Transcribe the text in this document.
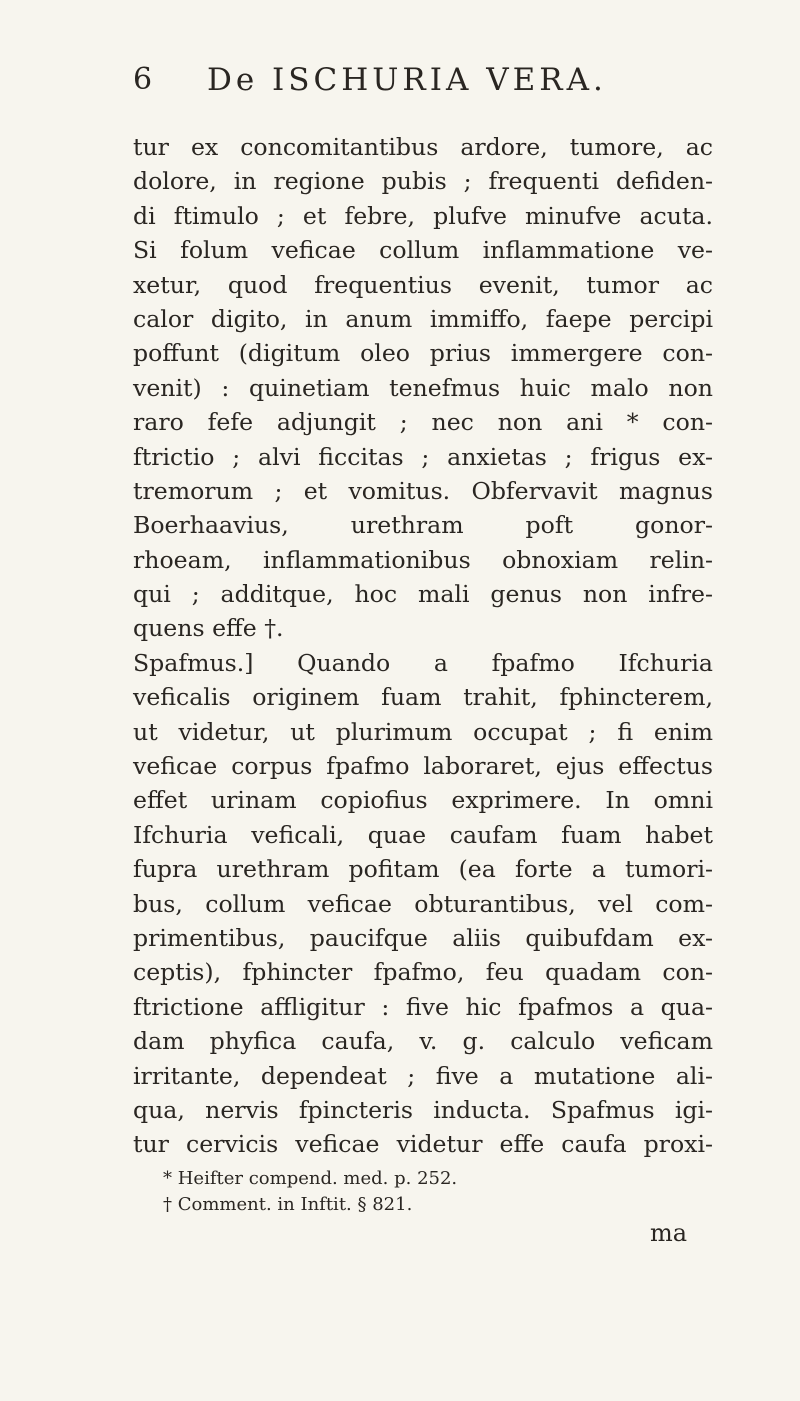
6 De ISCHURIA VERA.
tur ex concomitantibus ardore, tumore, ac
dolore, in regione pubis ; frequenti defiden-
di ftimulo ; et febre, plufve minufve acuta.
Si folum veficae collum inflammatione ve-
xetur, quod frequentius evenit, tumor ac
calor digito, in anum immiffo, faepe percipi
poffunt (digitum oleo prius immergere con-
venit) : quinetiam tenefmus huic malo non
raro fefe adjungit ; nec non ani * con-
ftrictio ; alvi ficcitas ; anxietas ; frigus ex-
tremorum ; et vomitus. Obfervavit magnus
Boerhaavius, urethram poft gonor-
rhoeam, inflammationibus obnoxiam relin-
qui ; additque, hoc mali genus non infre-
quens effe †.
Spafmus.] Quando a fpafmo Ifchuria
veficalis originem fuam trahit, fphincterem,
ut videtur, ut plurimum occupat ; fi enim
veficae corpus fpafmo laboraret, ejus effectus
effet urinam copiofius exprimere. In omni
Ifchuria veficali, quae caufam fuam habet
fupra urethram pofitam (ea forte a tumori-
bus, collum veficae obturantibus, vel com-
primentibus, paucifque aliis quibufdam ex-
ceptis), fphincter fpafmo, feu quadam con-
ftrictione affligitur : five hic fpafmos a qua-
dam phyfica caufa, v. g. calculo veficam
irritante, dependeat ; five a mutatione ali-
qua, nervis fpincteris inducta. Spafmus igi-
tur cervicis veficae videtur effe caufa proxi-
* Heifter compend. med. p. 252.
† Comment. in Inftit. § 821.
ma
